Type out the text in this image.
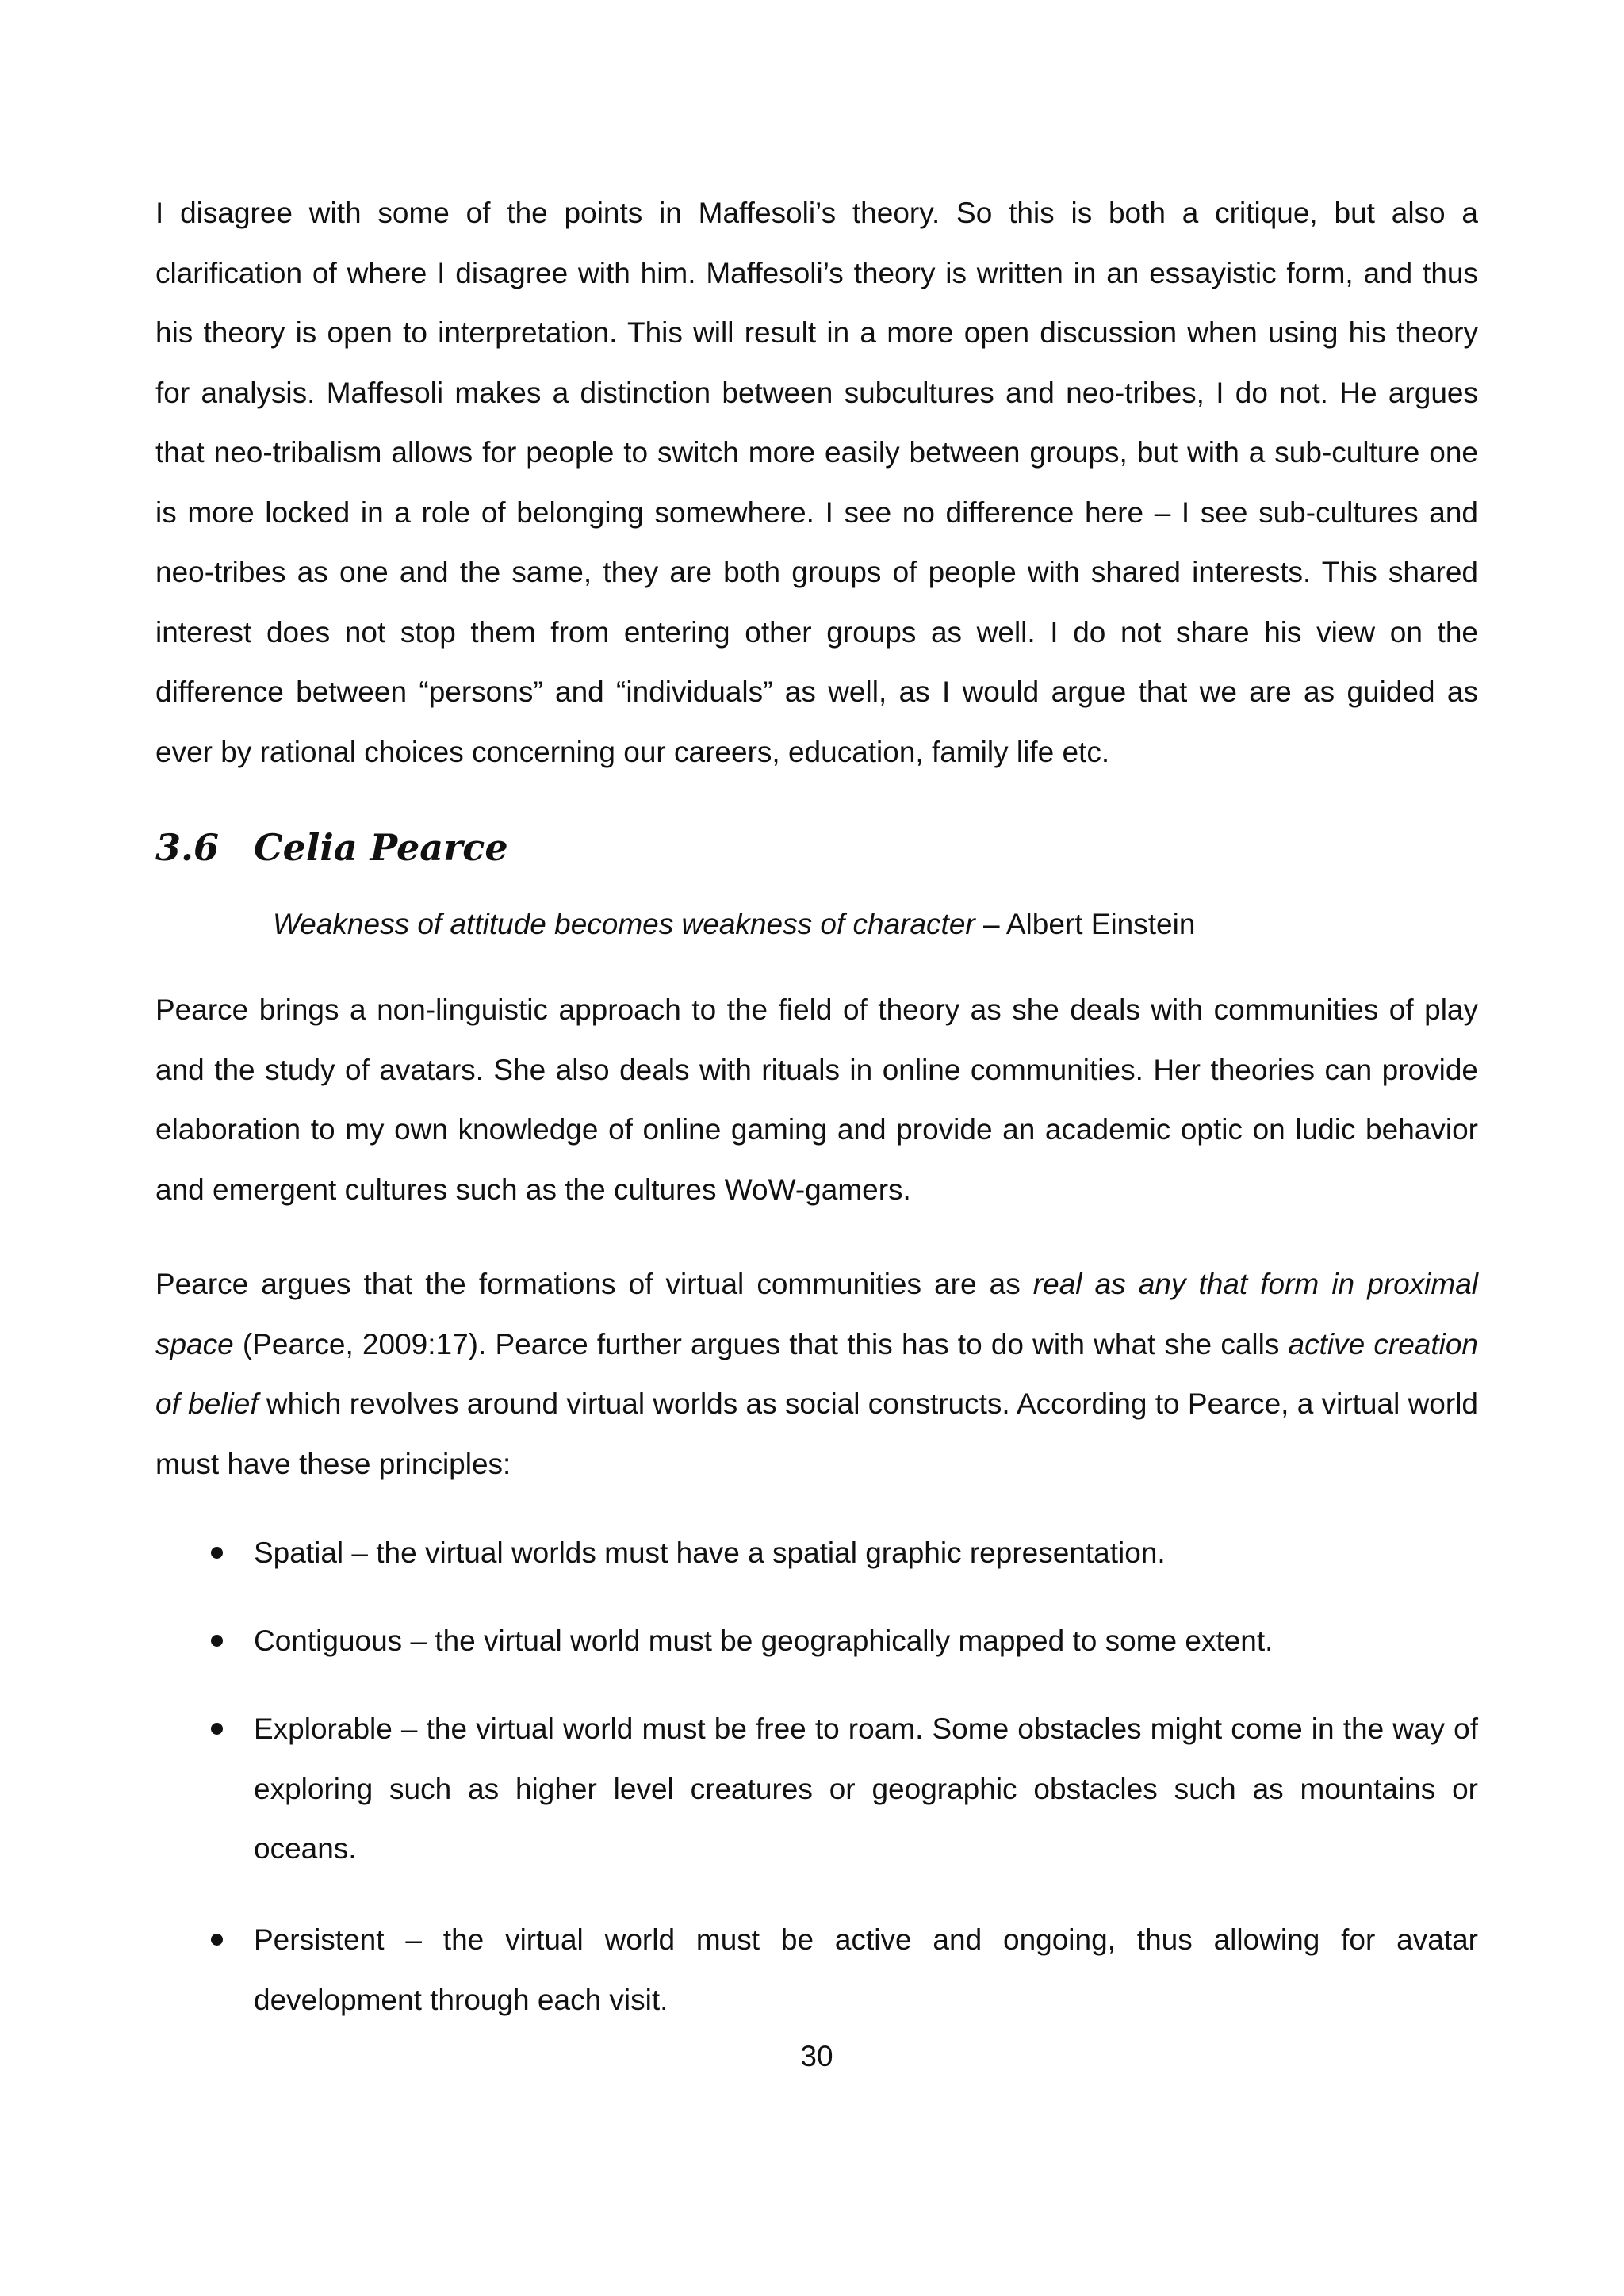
I disagree with some of the points in Maffesoli’s theory. So this is both a critique, but also a clarification of where I disagree with him. Maffesoli’s theory is written in an essayistic form, and thus his theory is open to interpretation. This will result in a more open discussion when using his theory for analysis. Maffesoli makes a distinction between subcultures and neo-tribes, I do not. He argues that neo-tribalism allows for people to switch more easily between groups, but with a sub-culture one is more locked in a role of belonging somewhere. I see no difference here – I see sub-cultures and neo-tribes as one and the same, they are both groups of people with shared interests. This shared interest does not stop them from entering other groups as well. I do not share his view on the difference between “persons” and “individuals” as well, as I would argue that we are as guided as ever by rational choices concerning our careers, education, family life etc.

3.6 Celia Pearce

Weakness of attitude becomes weakness of character – Albert Einstein

Pearce brings a non-linguistic approach to the field of theory as she deals with communities of play and the study of avatars. She also deals with rituals in online communities. Her theories can provide elaboration to my own knowledge of online gaming and provide an academic optic on ludic behavior and emergent cultures such as the cultures WoW-gamers.

Pearce argues that the formations of virtual communities are as real as any that form in proximal space (Pearce, 2009:17). Pearce further argues that this has to do with what she calls active creation of belief which revolves around virtual worlds as social constructs. According to Pearce, a virtual world must have these principles:

Spatial – the virtual worlds must have a spatial graphic representation.
Contiguous – the virtual world must be geographically mapped to some extent.
Explorable – the virtual world must be free to roam. Some obstacles might come in the way of exploring such as higher level creatures or geographic obstacles such as mountains or oceans.
Persistent – the virtual world must be active and ongoing, thus allowing for avatar development through each visit.

30
